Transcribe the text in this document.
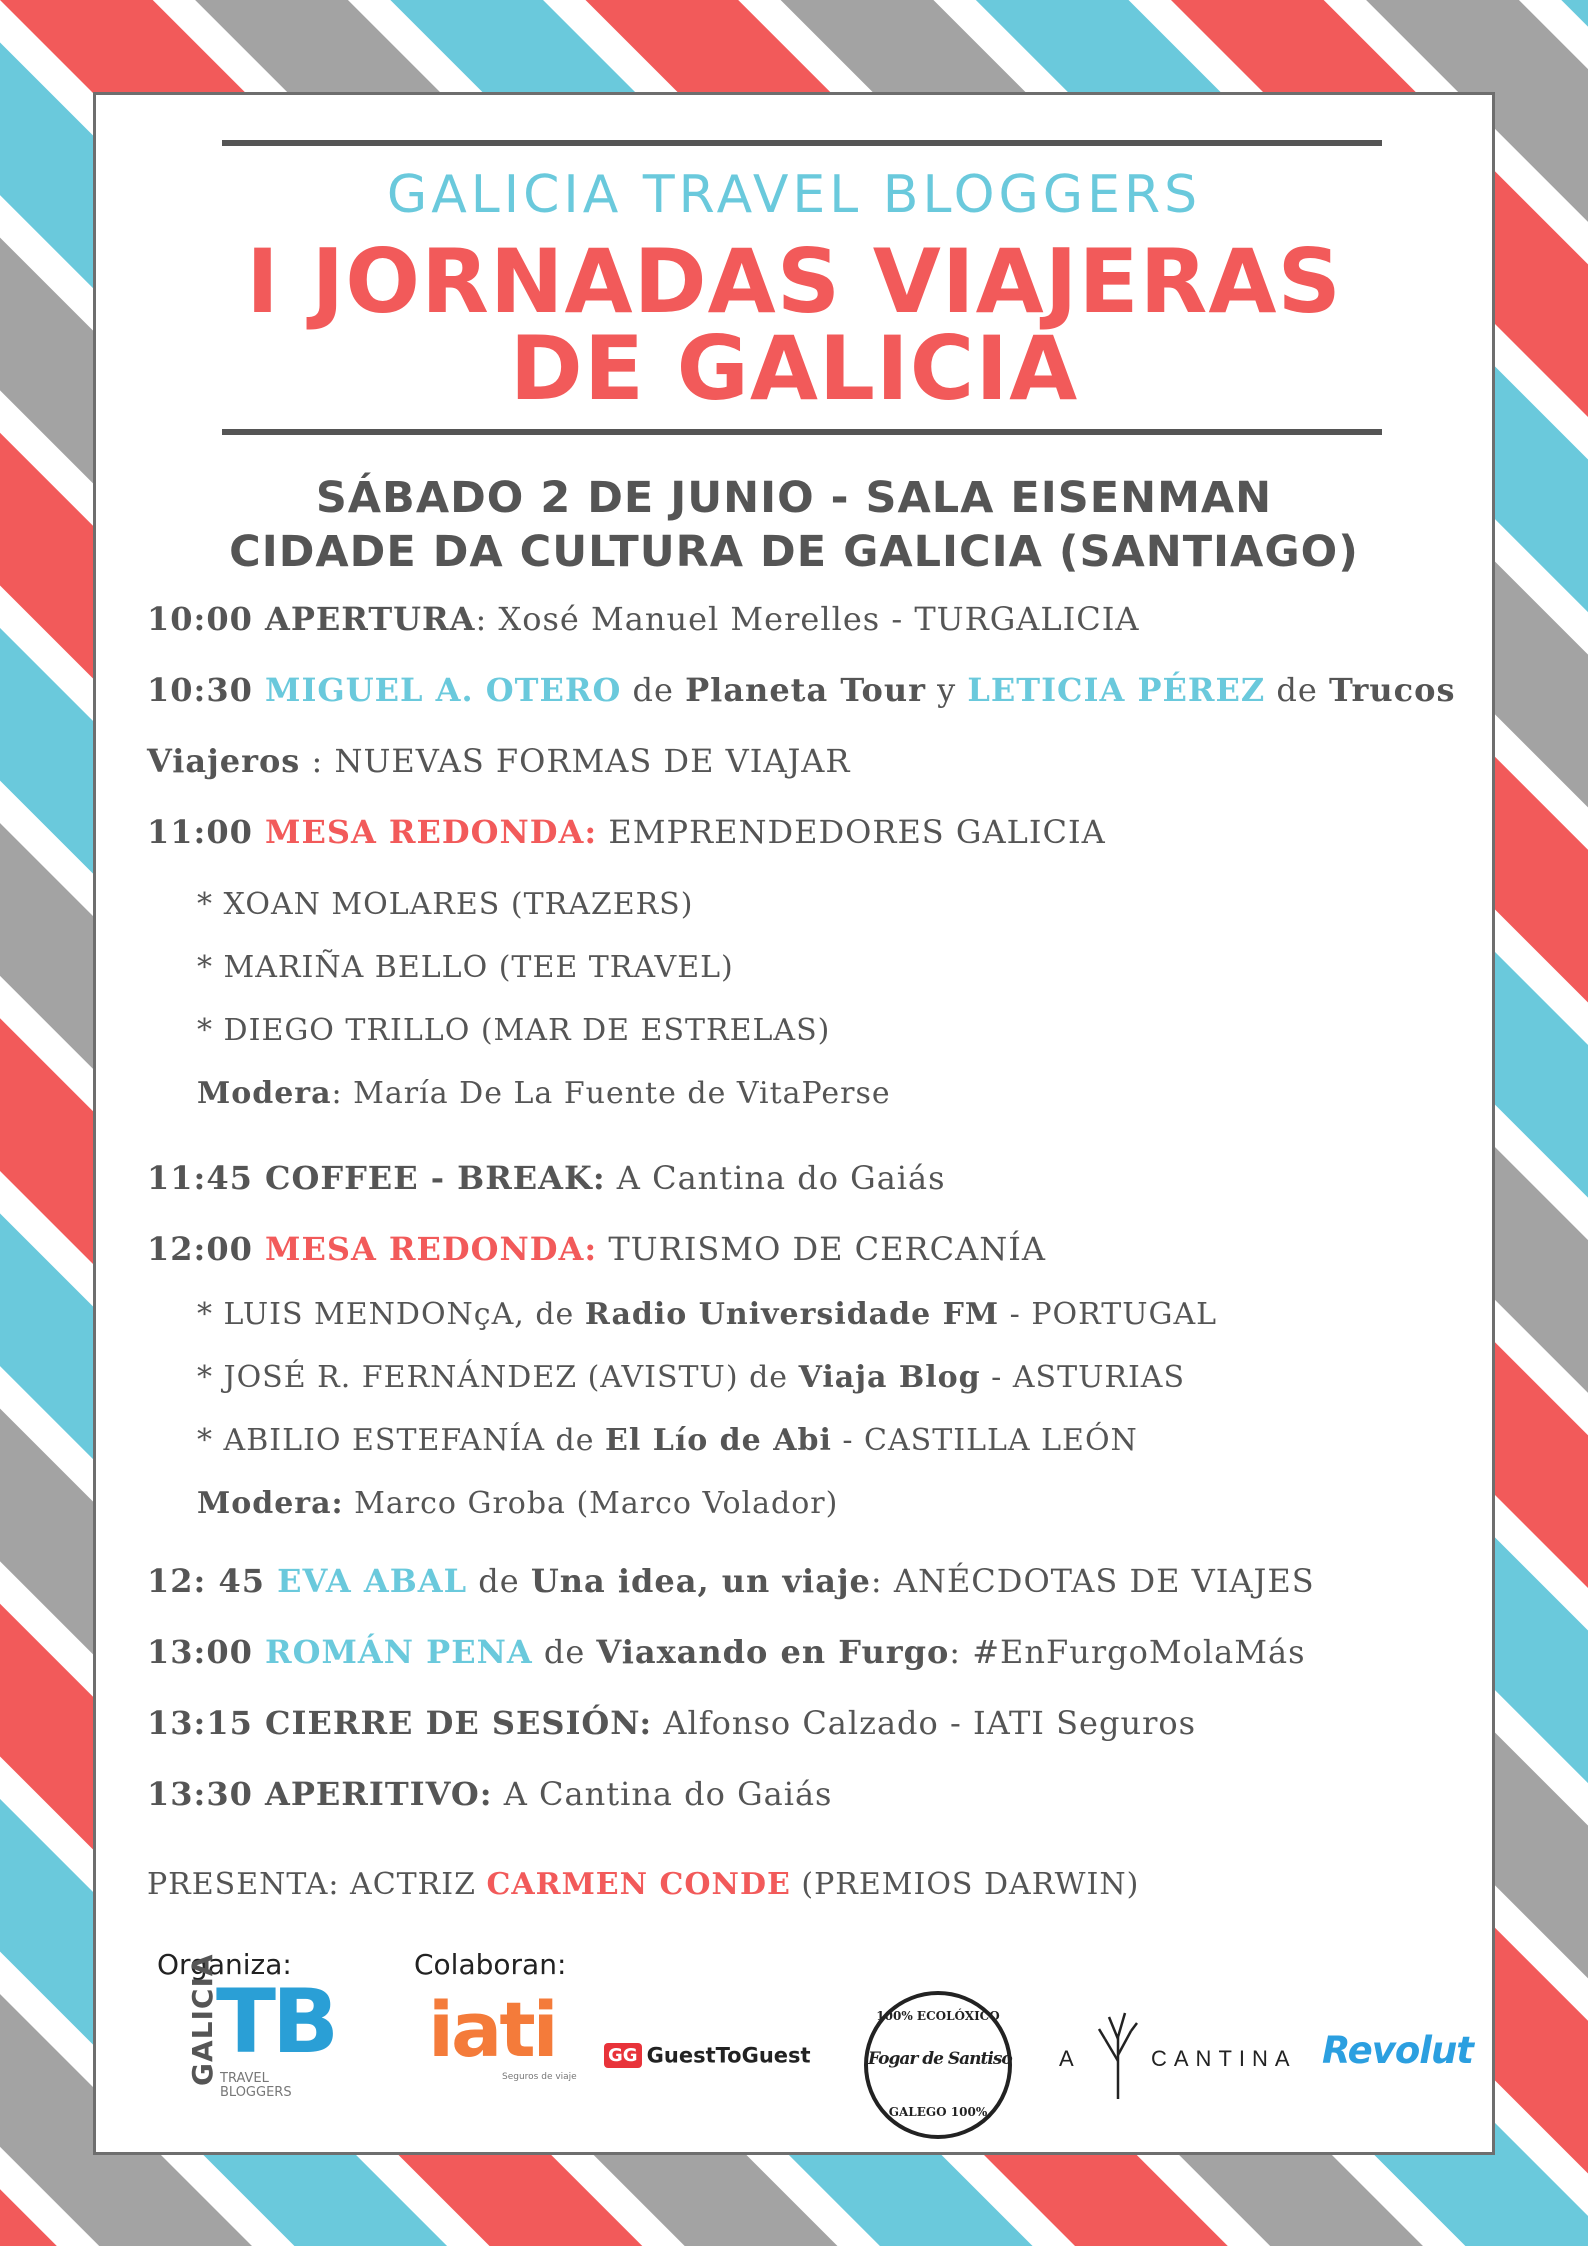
GALICIA TRAVEL BLOGGERS
I JORNADAS VIAJERAS
DE GALICIA
SÁBADO 2 DE JUNIO - SALA EISENMAN
CIDADE DA CULTURA DE GALICIA (SANTIAGO)
10:00 APERTURA: Xosé Manuel Merelles - TURGALICIA
10:30 MIGUEL A. OTERO de Planeta Tour y LETICIA PÉREZ de Trucos
Viajeros : NUEVAS FORMAS DE VIAJAR
11:00 MESA REDONDA: EMPRENDEDORES GALICIA
* XOAN MOLARES (TRAZERS)
* MARIÑA BELLO (TEE TRAVEL)
* DIEGO TRILLO (MAR DE ESTRELAS)
Modera: María De La Fuente de VitaPerse
11:45 COFFEE - BREAK: A Cantina do Gaiás
12:00 MESA REDONDA: TURISMO DE CERCANÍA
* LUIS MENDONçA, de Radio Universidade FM - PORTUGAL
* JOSÉ R. FERNÁNDEZ (AVISTU) de Viaja Blog - ASTURIAS
* ABILIO ESTEFANÍA de El Lío de Abi - CASTILLA LEÓN
Modera: Marco Groba (Marco Volador)
12: 45 EVA ABAL de Una idea, un viaje: ANÉCDOTAS DE VIAJES
13:00 ROMÁN PENA de Viaxando en Furgo: #EnFurgoMolaMás
13:15 CIERRE DE SESIÓN: Alfonso Calzado - IATI Seguros
13:30 APERITIVO: A Cantina do Gaiás
PRESENTA: ACTRIZ CARMEN CONDE (PREMIOS DARWIN)
Organiza:	Colaboran:
GALICIA
TB
TRAVEL
BLOGGERS
iati
Seguros de viaje
GG GuestToGuest
100% ECOLÓXICO
Fogar de Santiso
GALEGO 100%
A	CANTINA Revolut
